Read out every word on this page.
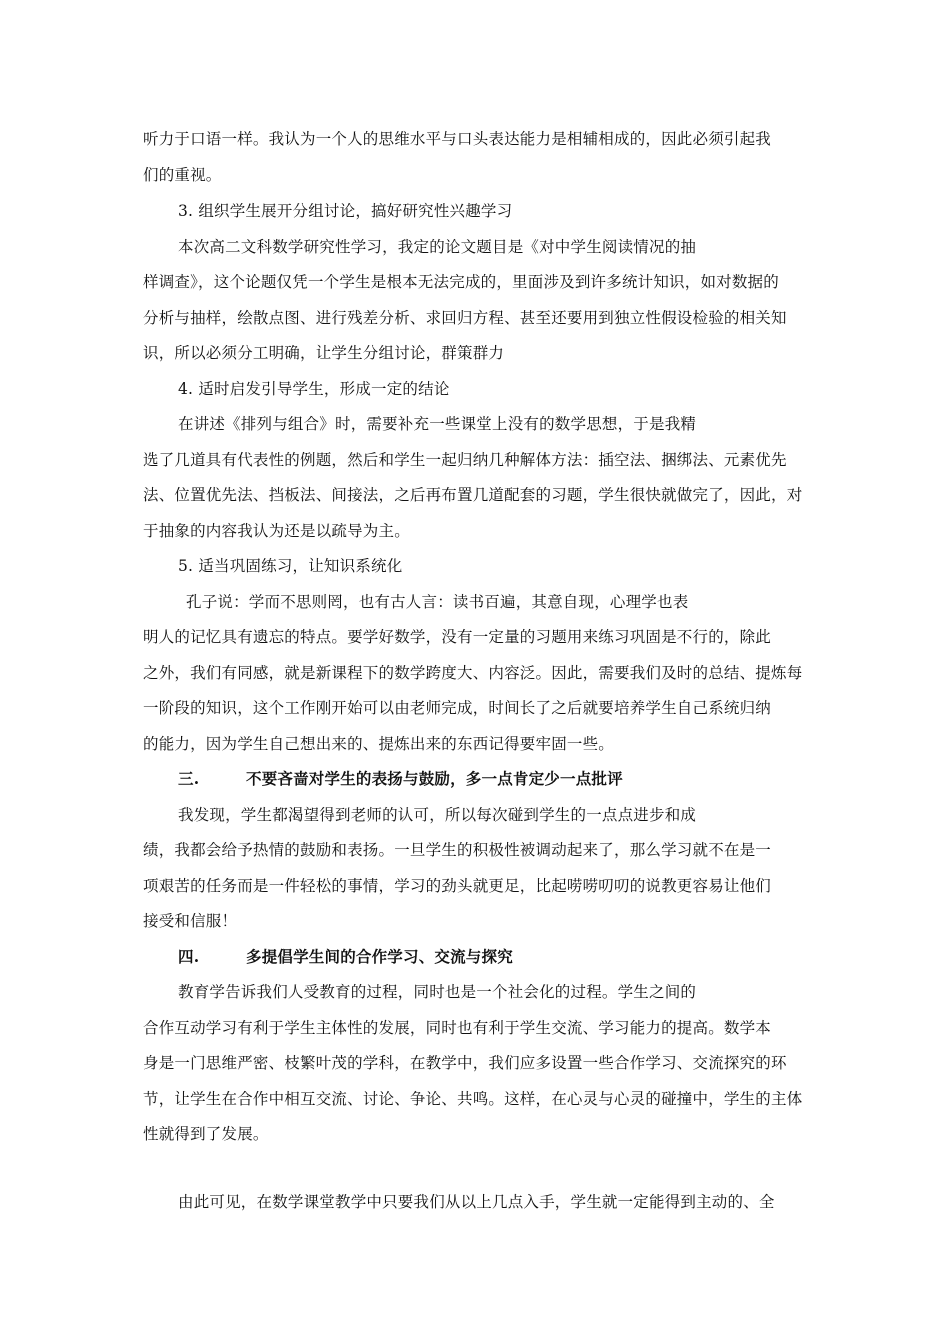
听力于口语一样。我认为一个人的思维水平与口头表达能力是相辅相成的，因此必须引起我
们的重视。
3. 组织学生展开分组讨论，搞好研究性兴趣学习
本次高二文科数学研究性学习，我定的论文题目是《对中学生阅读情况的抽
样调查》，这个论题仅凭一个学生是根本无法完成的，里面涉及到许多统计知识，如对数据的
分析与抽样，绘散点图、进行残差分析、求回归方程、甚至还要用到独立性假设检验的相关知
识，所以必须分工明确，让学生分组讨论，群策群力
4. 适时启发引导学生，形成一定的结论
在讲述《排列与组合》时，需要补充一些课堂上没有的数学思想，于是我精
选了几道具有代表性的例题，然后和学生一起归纳几种解体方法：插空法、捆绑法、元素优先
法、位置优先法、挡板法、间接法，之后再布置几道配套的习题，学生很快就做完了，因此，对
于抽象的内容我认为还是以疏导为主。
5. 适当巩固练习，让知识系统化
孔子说：学而不思则罔，也有古人言：读书百遍，其意自现，心理学也表
明人的记忆具有遗忘的特点。要学好数学，没有一定量的习题用来练习巩固是不行的，除此
之外，我们有同感，就是新课程下的数学跨度大、内容泛。因此，需要我们及时的总结、提炼每
一阶段的知识，这个工作刚开始可以由老师完成，时间长了之后就要培养学生自己系统归纳
的能力，因为学生自己想出来的、提炼出来的东西记得要牢固一些。
三.	不要吝啬对学生的表扬与鼓励，多一点肯定少一点批评
我发现，学生都渴望得到老师的认可，所以每次碰到学生的一点点进步和成
绩，我都会给予热情的鼓励和表扬。一旦学生的积极性被调动起来了，那么学习就不在是一
项艰苦的任务而是一件轻松的事情，学习的劲头就更足，比起唠唠叨叨的说教更容易让他们
接受和信服！
四.	多提倡学生间的合作学习、交流与探究
教育学告诉我们人受教育的过程，同时也是一个社会化的过程。学生之间的
合作互动学习有利于学生主体性的发展，同时也有利于学生交流、学习能力的提高。数学本
身是一门思维严密、枝繁叶茂的学科，在教学中，我们应多设置一些合作学习、交流探究的环
节，让学生在合作中相互交流、讨论、争论、共鸣。这样，在心灵与心灵的碰撞中，学生的主体
性就得到了发展。
由此可见，在数学课堂教学中只要我们从以上几点入手，学生就一定能得到主动的、全
